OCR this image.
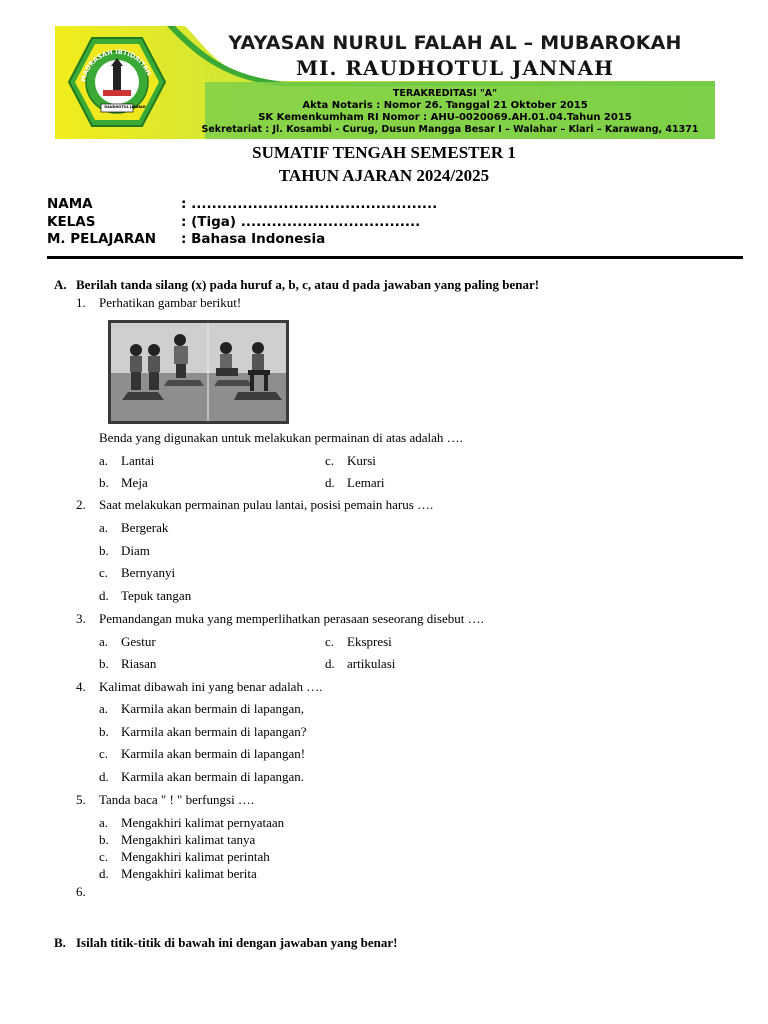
MADRASAH IBTIDAIYAH
RAUDHOTUL JANNAH
YAYASAN NURUL FALAH AL – MUBAROKAH
MI. RAUDHOTUL JANNAH
TERAKREDITASI "A"
Akta Notaris : Nomor 26. Tanggal 21 Oktober 2015
SK Kemenkumham RI Nomor : AHU-0020069.AH.01.04.Tahun 2015
Sekretariat : Jl. Kosambi - Curug, Dusun Mangga Besar I – Walahar – Klari – Karawang, 41371
SUMATIF TENGAH SEMESTER 1
TAHUN AJARAN 2024/2025
NAMA	: ................................................
KELAS	: (Tiga) ...................................
M. PELAJARAN : Bahasa Indonesia
A. Berilah tanda silang (x) pada huruf a, b, c, atau d pada jawaban yang paling benar!
1. Perhatikan gambar berikut!
Benda yang digunakan untuk melakukan permainan di atas adalah ….
a. Lantai	c. Kursi
b. Meja	d. Lemari
2. Saat melakukan permainan pulau lantai, posisi pemain harus ….
a. Bergerak
b. Diam
c. Bernyanyi
d. Tepuk tangan
3. Pemandangan muka yang memperlihatkan perasaan seseorang disebut ….
a. Gestur	c. Ekspresi
b. Riasan	d. artikulasi
4. Kalimat dibawah ini yang benar adalah ….
a. Karmila akan bermain di lapangan,
b. Karmila akan bermain di lapangan?
c. Karmila akan bermain di lapangan!
d. Karmila akan bermain di lapangan.
5. Tanda baca " ! " berfungsi ….
a. Mengakhiri kalimat pernyataan
b. Mengakhiri kalimat tanya
c. Mengakhiri kalimat perintah
d. Mengakhiri kalimat berita
6.
B. Isilah titik-titik di bawah ini dengan jawaban yang benar!
